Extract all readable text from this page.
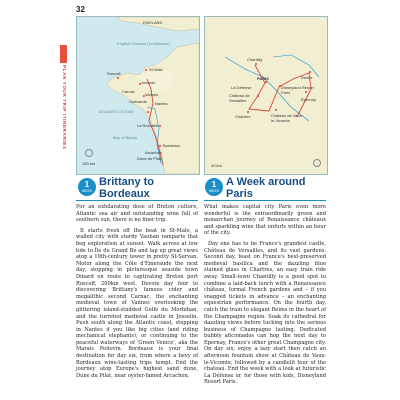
32
PLAN YOUR TRIP ITINERARIES
ENGLAND
English Channel (La Manche)
St-Malo
Roscoff
Josselin
Carnac
Vannes
Guérande Nantes
ATLANTIC OCEAN
La Rochelle
Bay of Biscay
Bordeaux
Arcachon
Dune du Pilat
100 km
Reims
Épernay
Chantilly
PARIS
La Défense
Château de Versailles
Disneyland Resort Paris
Chartres	Château de Vaux-le-Vicomte
40 km
1
WEEK
Brittany to Bordeaux

For an exhilarating dose of Breton culture, Atlantic sea air and outstanding wine full of southern sun, there is no finer trip.

It starts fresh off the boat in St-Malo, a walled city with sturdy Vauban ramparts that beg exploration at sunset. Walk across at low tide to Île du Grand Bé and lap up great views atop a 19th-century tower in pretty St-Servan. Motor along the Côte d'Émeraude the next day, stopping in picturesque seaside town Dinard en route to captivating Breton port Roscoff, 200km west. Devote day four to discovering Brittany's famous cider and megalithic second Carnac, the enchanting medieval town of Vannes overlooking the glittering island-studded Golfe du Morbihan, and the turreted medieval castle in Josselin. Push south along the Atlantic coast, stopping in Nantes if you like big cities (and riding mechanical elephants), or continuing to the peaceful waterways of 'Green Venice', aka the Marais Poitevin. Bordeaux is your final destination for day six, from where a bevy of Bordeaux wine-tasting trips tempt. End the journey atop Europe's highest sand dune, Dune du Pilat, near oyster-famed Arcachon.

1
WEEK
A Week around Paris

What makes capital city Paris even more wonderful is the extraordinarily green and monarchan journey of Renaissance châteaux and sparkling wine that unfurls within an hour of the city.

Day one has to be France's grandest castle, Château de Versailles, and its vast gardens. Second day, feast on France's best-preserved medieval basilica and the dazzling blue stained glass in Chartres, an easy train ride away. Small-town Chantilly is a good spot to combine a laid-back lunch with a Renaissance château, formal French gardens and – if you snagged tickets in advance – an enchanting equestrian performance. On the fourth day, catch the train to elegant Reims in the heart of the Champagne region. Soak its cathedral for dazzling views before tucking into the serious business of Champagne tasting. Dedicated bubbly aficionados can hop the next day to Épernay, France's other great Champagne city. On day six, enjoy a lazy start then catch an afternoon fountain show at Château de Vaux-le-Vicomte, followed by a candlelit tour of the chateau. End the week with a look at futuristic La Défense or, for those with kids, Disneyland Resort Paris.
